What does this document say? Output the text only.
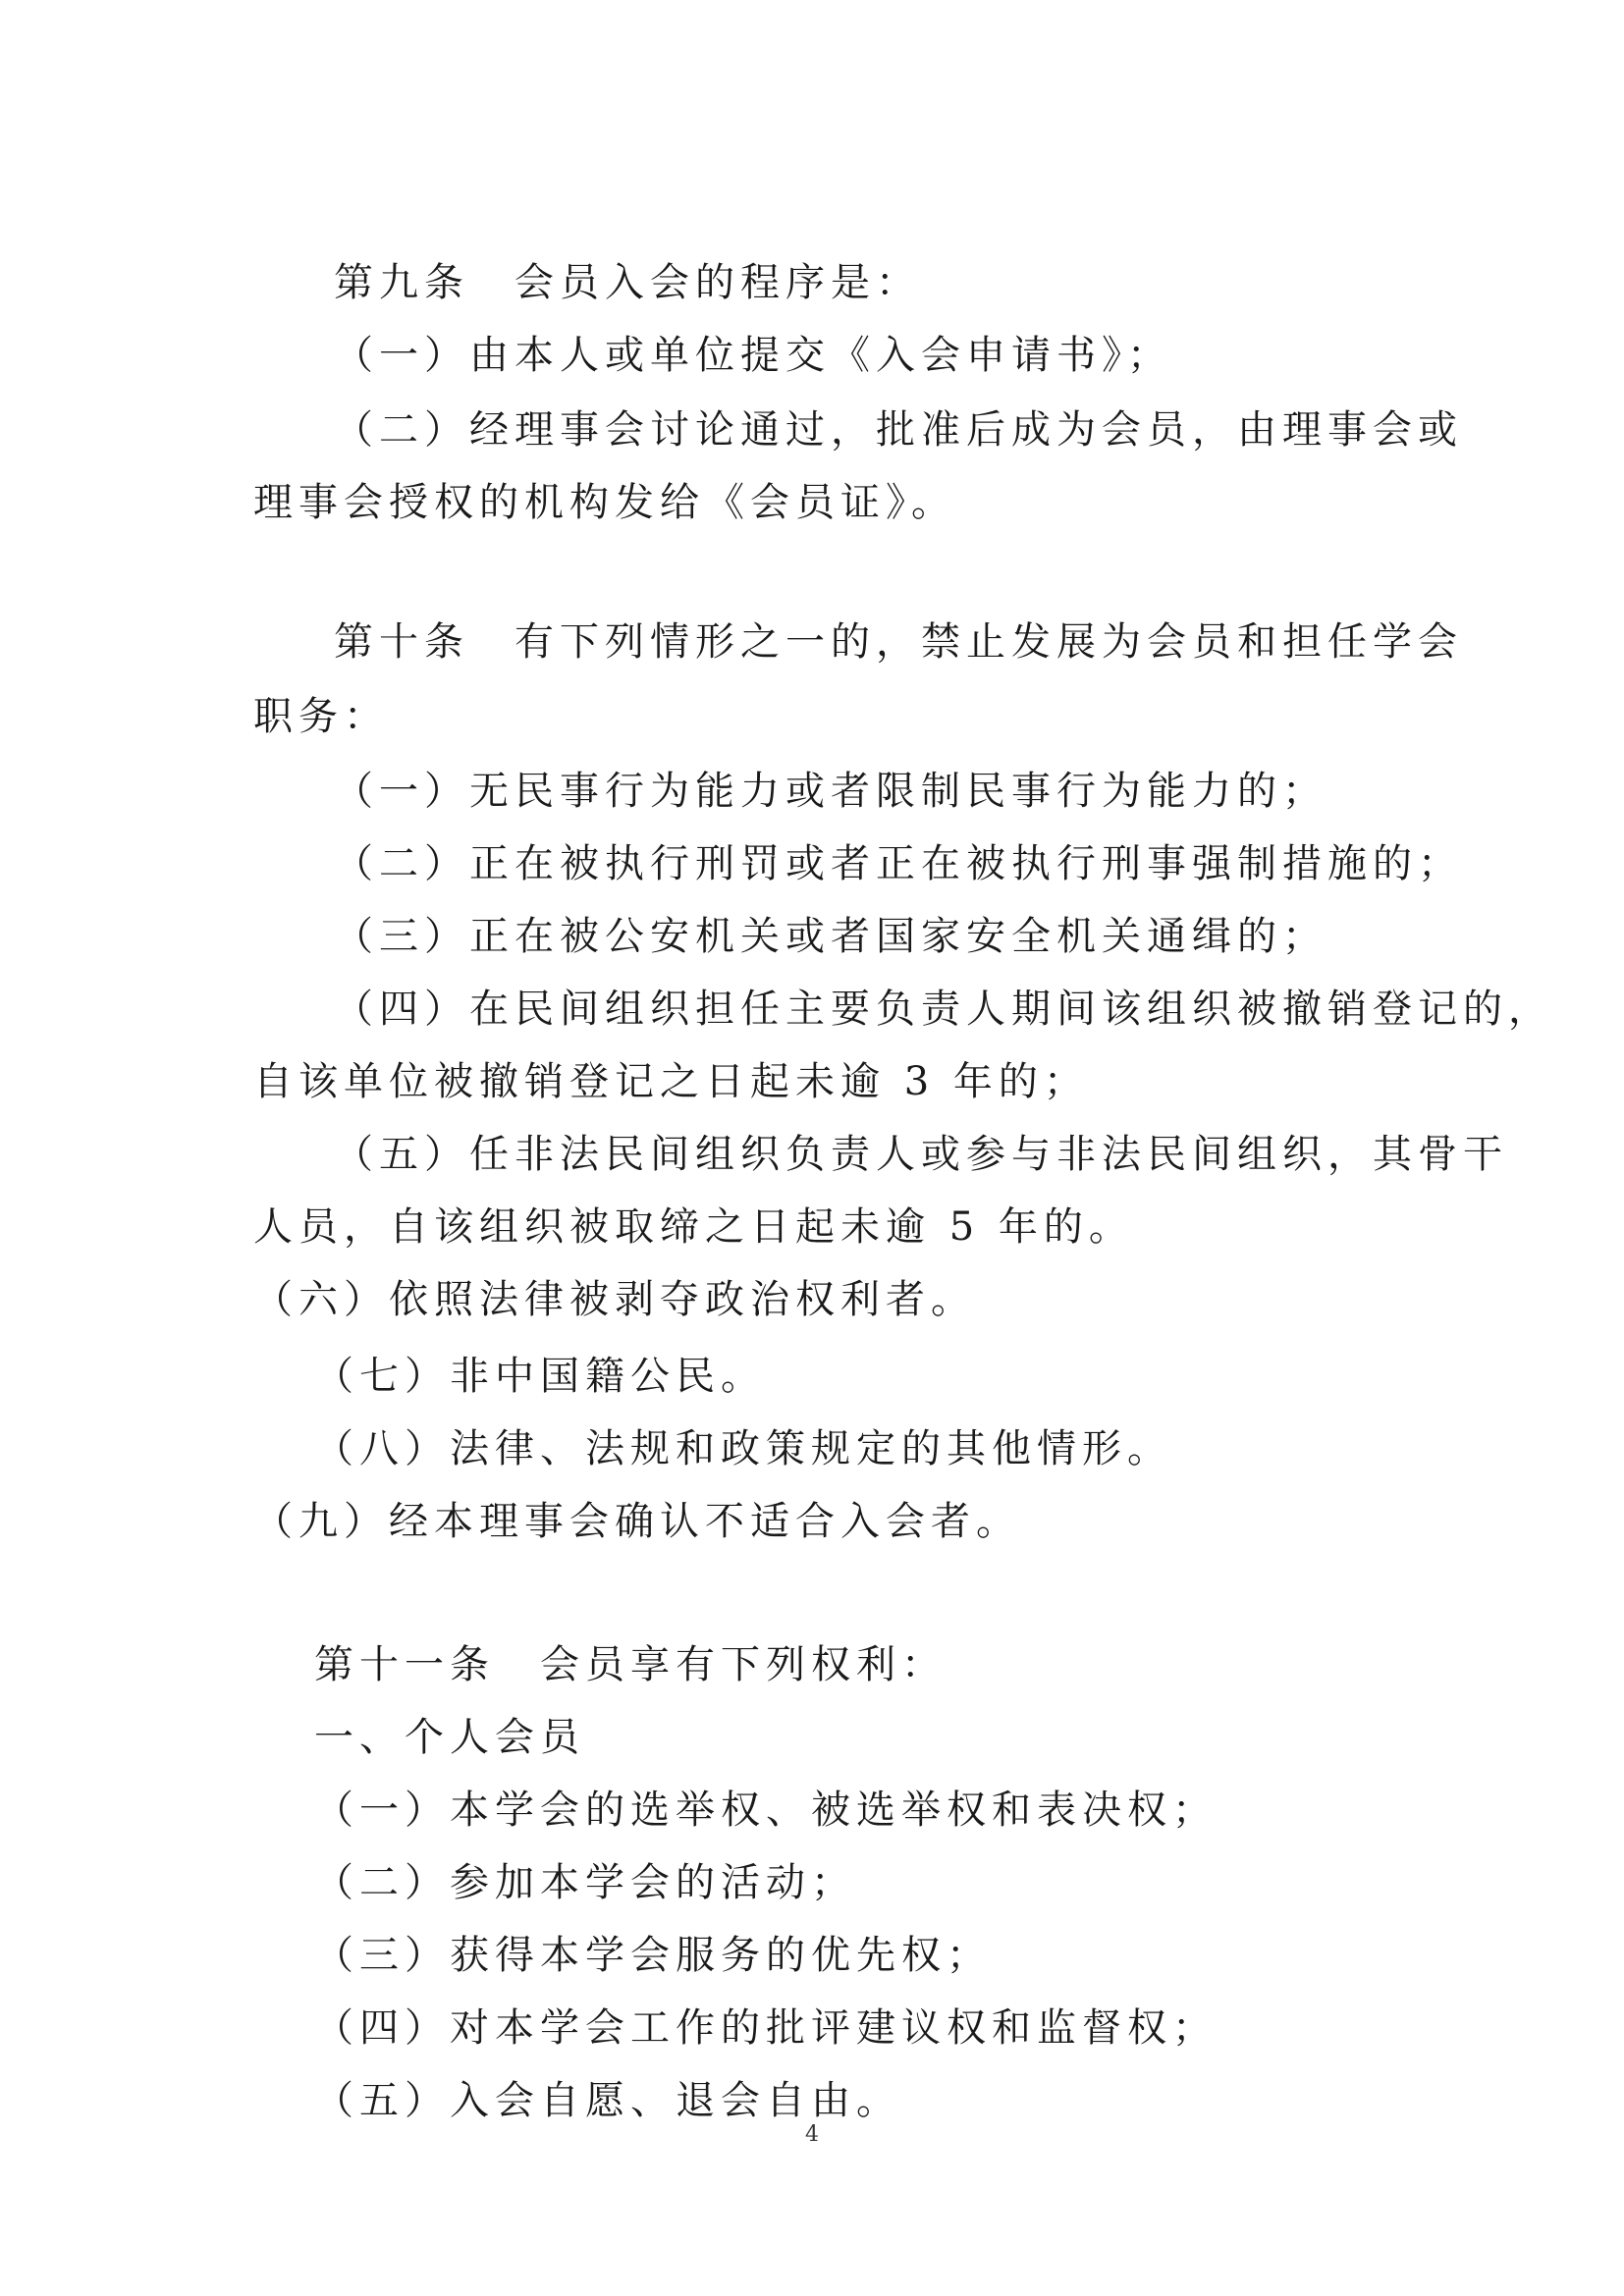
第九条　会员入会的程序是：
（一）由本人或单位提交《入会申请书》；
（二）经理事会讨论通过，批准后成为会员，由理事会或
理事会授权的机构发给《会员证》。
第十条　有下列情形之一的，禁止发展为会员和担任学会
职务：
（一）无民事行为能力或者限制民事行为能力的；
（二）正在被执行刑罚或者正在被执行刑事强制措施的；
（三）正在被公安机关或者国家安全机关通缉的；
（四）在民间组织担任主要负责人期间该组织被撤销登记的，
自该单位被撤销登记之日起未逾 3 年的；
（五）任非法民间组织负责人或参与非法民间组织，其骨干
人员，自该组织被取缔之日起未逾 5 年的。
（六）依照法律被剥夺政治权利者。
（七）非中国籍公民。
（八）法律、法规和政策规定的其他情形。
（九）经本理事会确认不适合入会者。
第十一条　会员享有下列权利：
一、个人会员
（一）本学会的选举权、被选举权和表决权；
（二）参加本学会的活动；
（三）获得本学会服务的优先权；
（四）对本学会工作的批评建议权和监督权；
（五）入会自愿、退会自由。
4
